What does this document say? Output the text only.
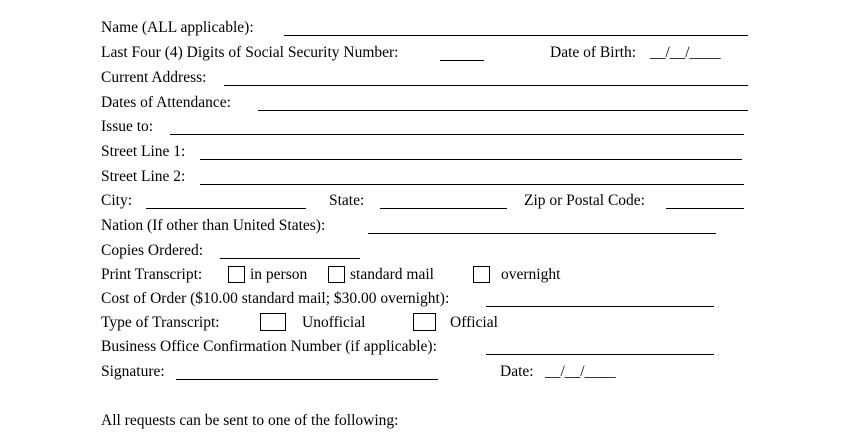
Name (ALL applicable):
Last Four (4) Digits of Social Security Number:	Date of Birth: __/__/____
Current Address:
Dates of Attendance:
Issue to:
Street Line 1:
Street Line 2:
City:	State:	Zip or Postal Code:
Nation (If other than United States):
Copies Ordered:
Print Transcript:	in person	standard mail	overnight
Cost of Order ($10.00 standard mail; $30.00 overnight):
Type of Transcript:	Unofficial	Official
Business Office Confirmation Number (if applicable):
Signature:	Date: __/__/____
All requests can be sent to one of the following:
